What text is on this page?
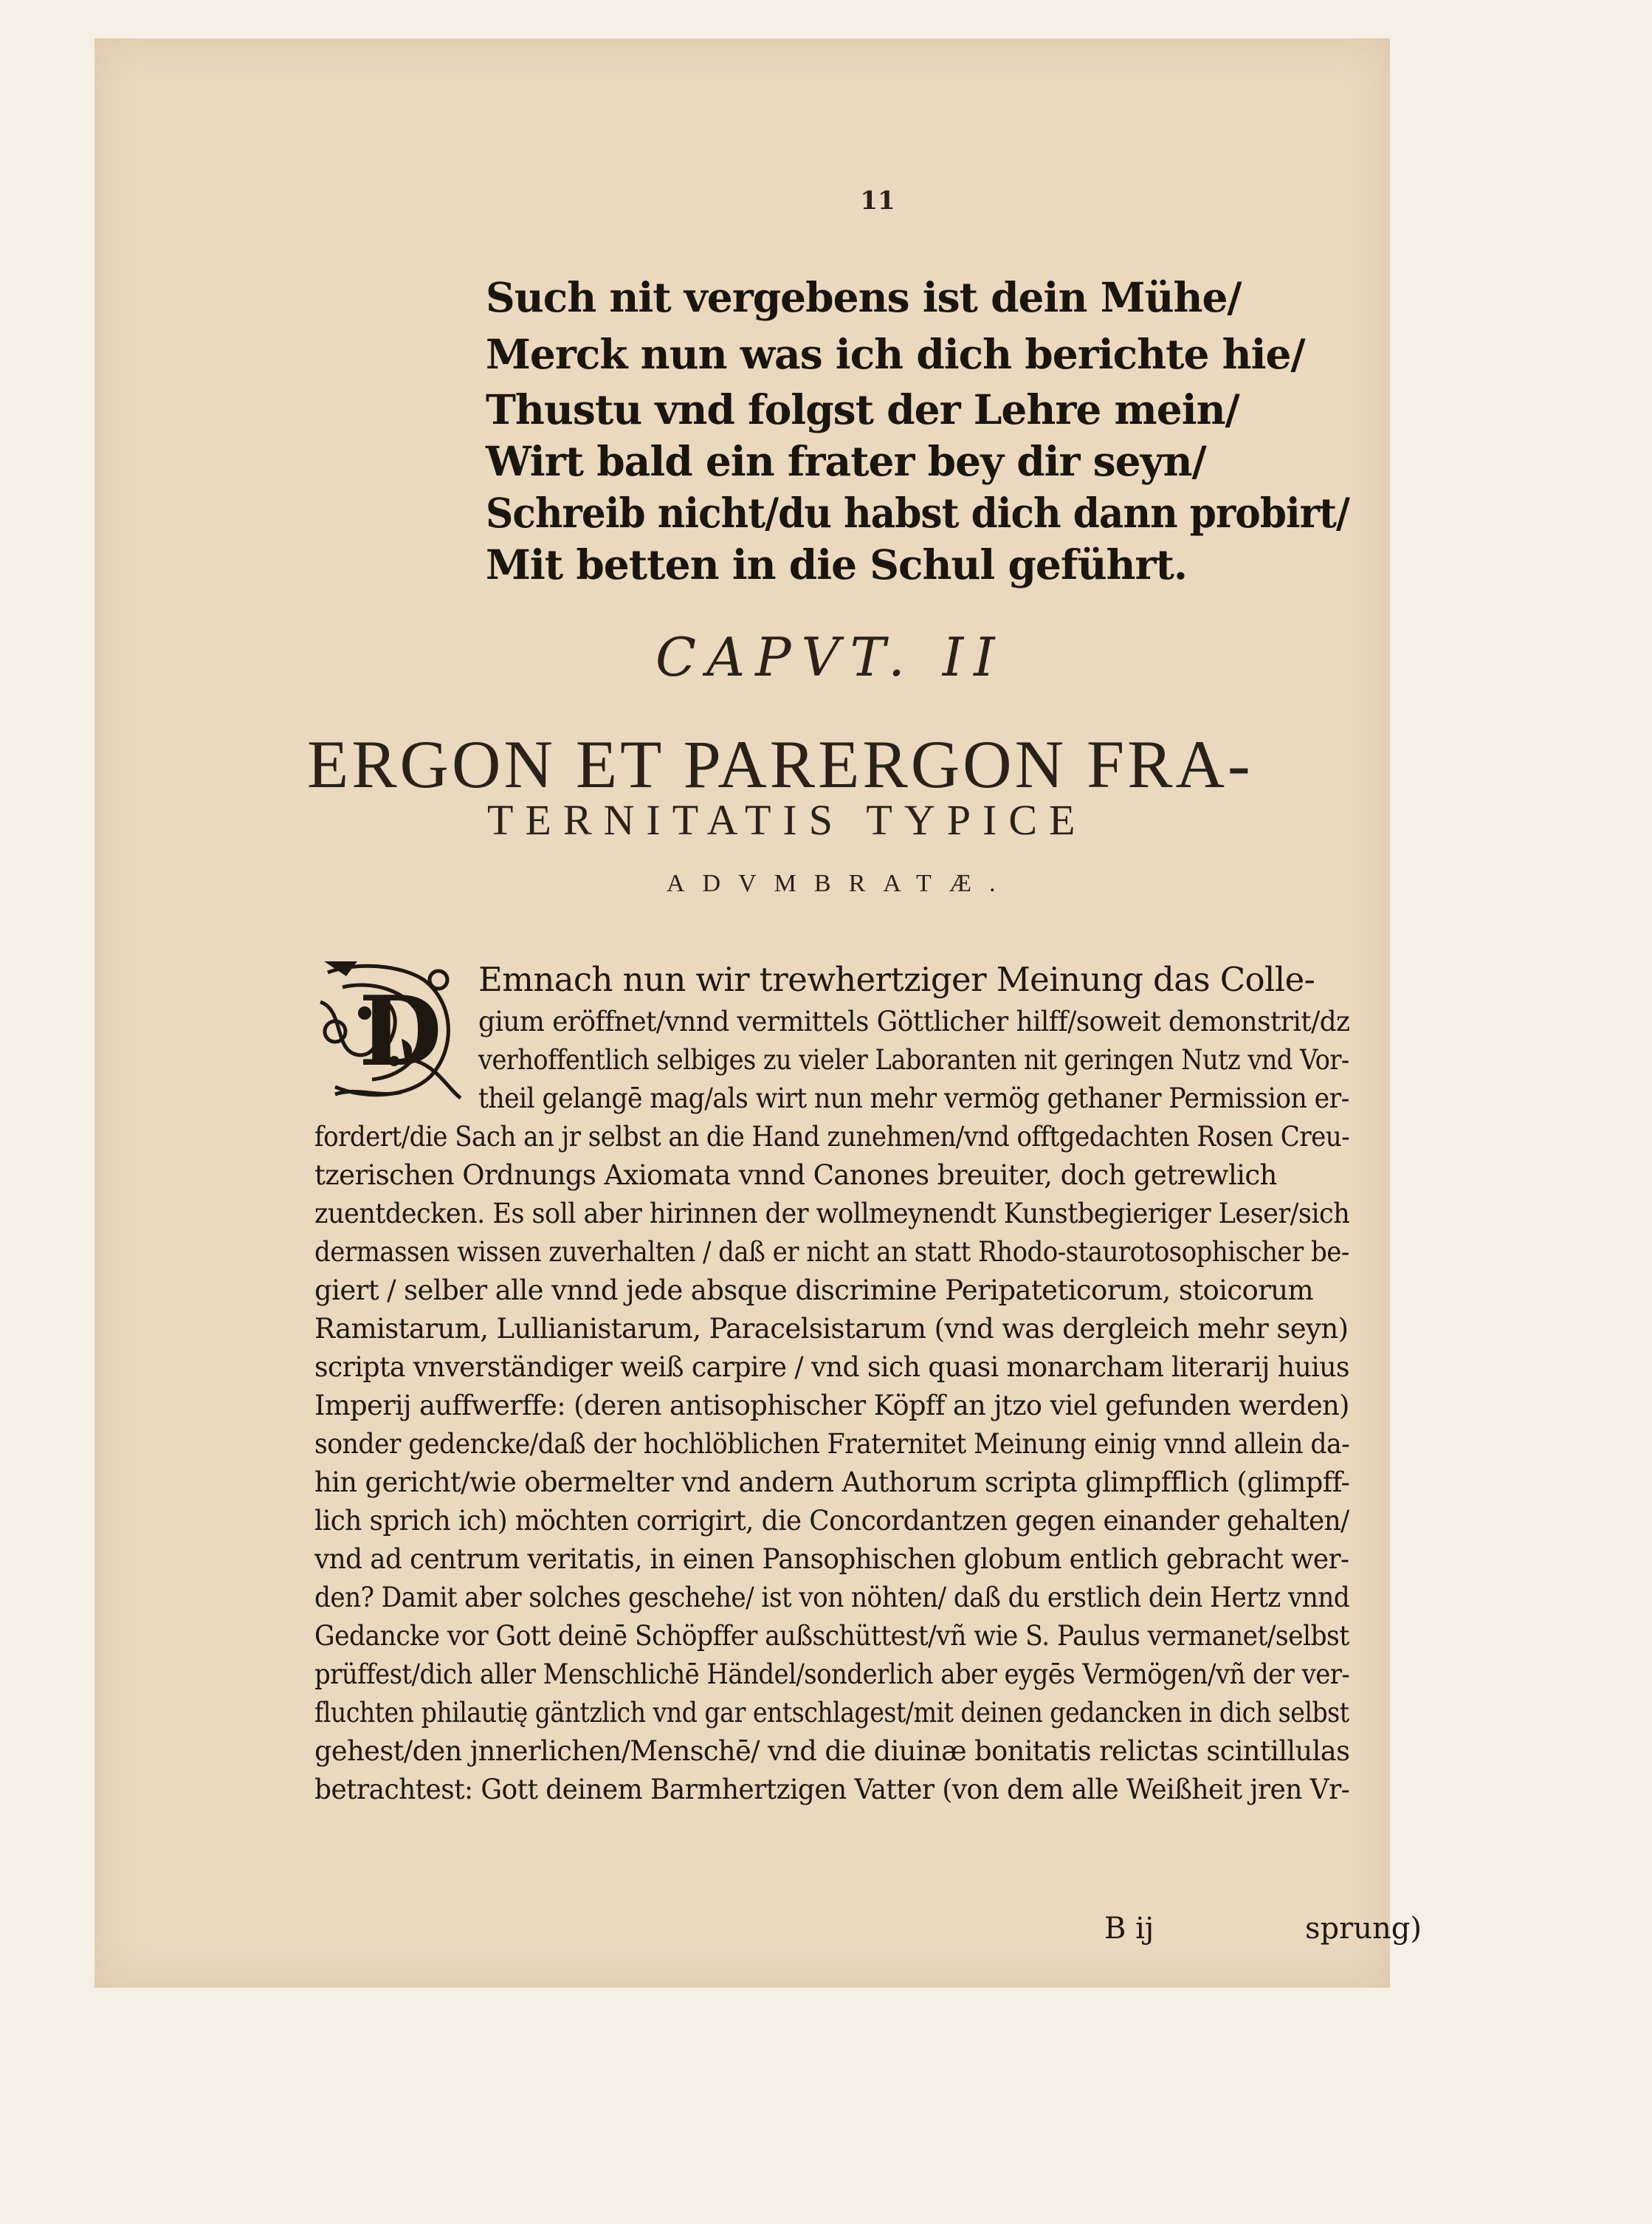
11
Such nit vergebens ist dein Mühe/
Merck nun was ich dich berichte hie/
Thustu vnd folgst der Lehre mein/
Wirt bald ein frater bey dir seyn/
Schreib nicht/du habst dich dann probirt/
Mit betten in die Schul geführt.
CAPVT. II
ERGON ET PARERGON FRA-
TERNITATIS TYPICE
ADVMBRATÆ.
D Emnach nun wir trewhertziger Meinung das Colle-
gium eröffnet/vnnd vermittels Göttlicher hilff/soweit demonstrit/dz
verhoffentlich selbiges zu vieler Laboranten nit geringen Nutz vnd Vor-
theil gelangē mag/als wirt nun mehr vermög gethaner Permission er-
fordert/die Sach an jr selbst an die Hand zunehmen/vnd offtgedachten Rosen Creu-
tzerischen Ordnungs Axiomata vnnd Canones breuiter, doch getrewlich
zuentdecken. Es soll aber hirinnen der wollmeynendt Kunstbegieriger Leser/sich
dermassen wissen zuverhalten / daß er nicht an statt Rhodo-staurotosophischer be-
giert / selber alle vnnd jede absque discrimine Peripateticorum, stoicorum
Ramistarum, Lullianistarum, Paracelsistarum (vnd was dergleich mehr seyn)
scripta vnverständiger weiß carpire / vnd sich quasi monarcham literarij huius
Imperij auffwerffe: (deren antisophischer Köpff an jtzo viel gefunden werden)
sonder gedencke/daß der hochlöblichen Fraternitet Meinung einig vnnd allein da-
hin gericht/wie obermelter vnd andern Authorum scripta glimpfflich (glimpff-
lich sprich ich) möchten corrigirt, die Concordantzen gegen einander gehalten/
vnd ad centrum veritatis, in einen Pansophischen globum entlich gebracht wer-
den? Damit aber solches geschehe/ ist von nöhten/ daß du erstlich dein Hertz vnnd
Gedancke vor Gott deinē Schöpffer außschüttest/vñ wie S. Paulus vermanet/selbst
prüffest/dich aller Menschlichē Händel/sonderlich aber eygēs Vermögen/vñ der ver-
fluchten philautię gäntzlich vnd gar entschlagest/mit deinen gedancken in dich selbst
gehest/den jnnerlichen/Menschē/ vnd die diuinæ bonitatis relictas scintillulas
betrachtest: Gott deinem Barmhertzigen Vatter (von dem alle Weißheit jren Vr-
B ij	sprung)
